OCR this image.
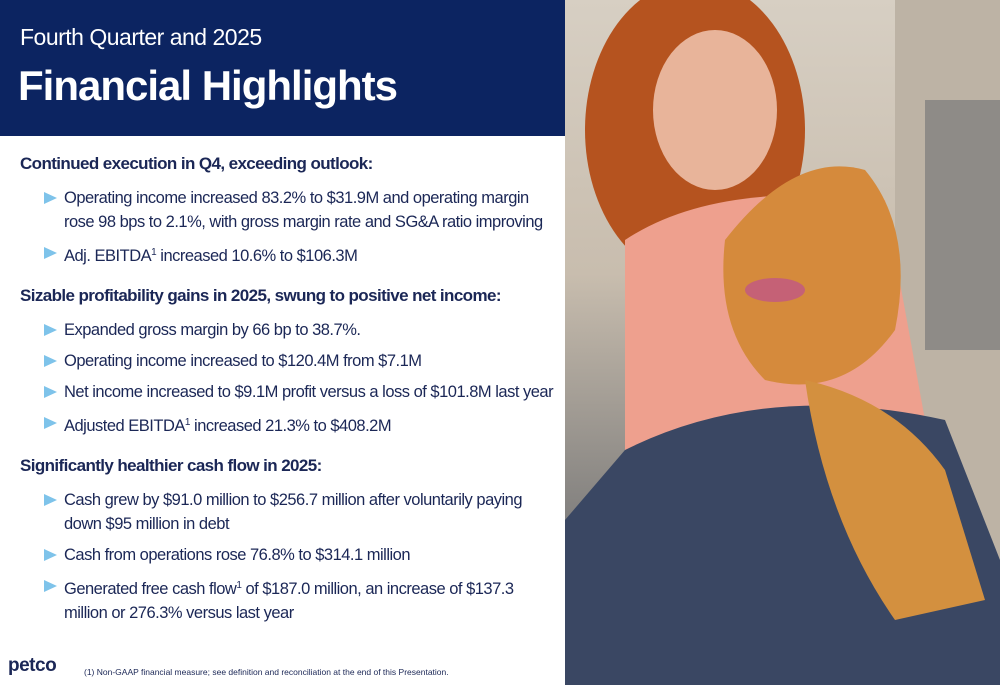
Fourth Quarter and 2025
Financial Highlights
Continued execution in Q4, exceeding outlook:
Operating income increased 83.2% to $31.9M and operating margin rose 98 bps to 2.1%, with gross margin rate and SG&A ratio improving
Adj. EBITDA$^1$ increased 10.6% to $106.3M
Sizable profitability gains in 2025, swung to positive net income:
Expanded gross margin by 66 bp to 38.7%.
Operating income increased to $120.4M from $7.1M
Net income increased to $9.1M profit versus a loss of $101.8M last year
Adjusted EBITDA$^1$ increased 21.3% to $408.2M
Significantly healthier cash flow in 2025:
Cash grew by $91.0 million to $256.7 million after voluntarily paying down $95 million in debt
Cash from operations rose 76.8% to $314.1 million
Generated free cash flow$^1$ of $187.0 million, an increase of $137.3 million or 276.3% versus last year
petco	(1) Non-GAAP financial measure; see definition and reconciliation at the end of this Presentation.
